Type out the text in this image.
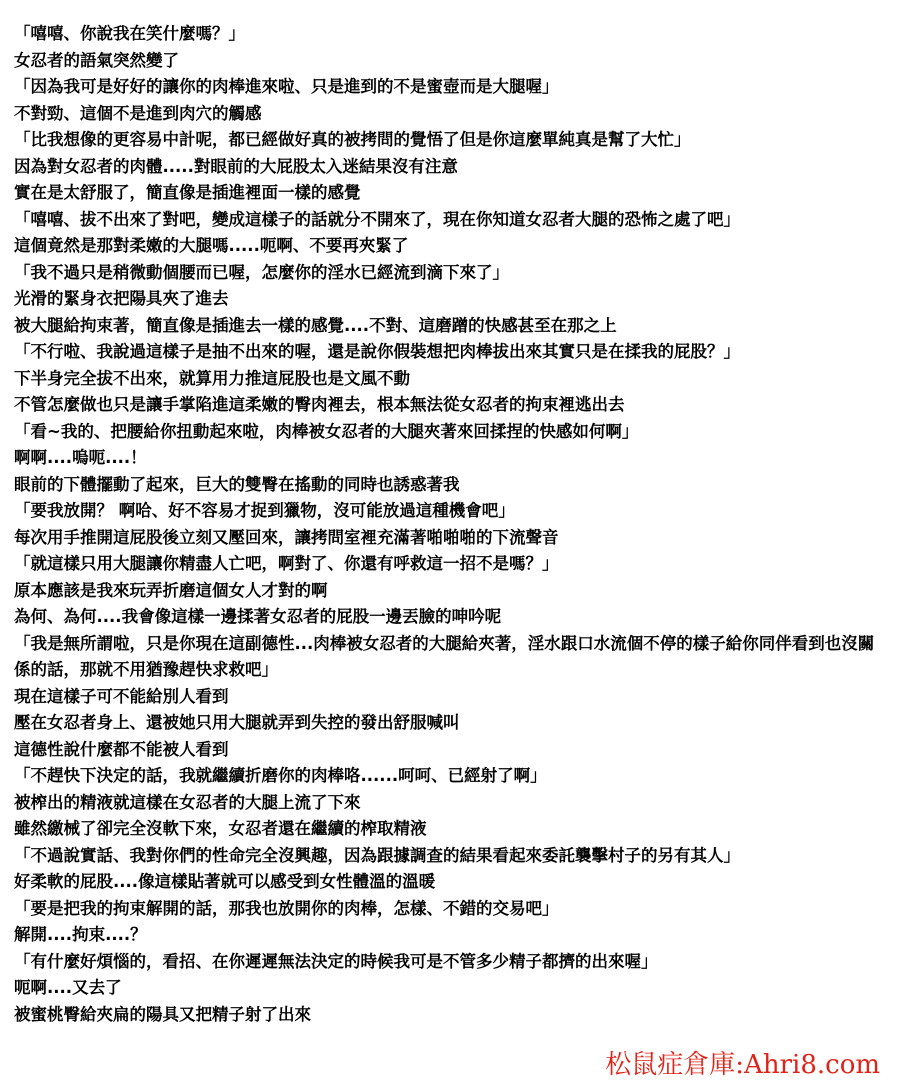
「嘻嘻、你說我在笑什麼嗎？」

女忍者的語氣突然變了

「因為我可是好好的讓你的肉棒進來啦、只是進到的不是蜜壺而是大腿喔」

不對勁、這個不是進到肉穴的觸感

「比我想像的更容易中計呢，都已經做好真的被拷問的覺悟了但是你這麼單純真是幫了大忙」

因為對女忍者的肉體.....對眼前的大屁股太入迷結果沒有注意

實在是太舒服了，簡直像是插進裡面一樣的感覺

「嘻嘻、拔不出來了對吧，變成這樣子的話就分不開來了，現在你知道女忍者大腿的恐怖之處了吧」

這個竟然是那對柔嫩的大腿嗎.....呃啊、不要再夾緊了

「我不過只是稍微動個腰而已喔，怎麼你的淫水已經流到滴下來了」

光滑的緊身衣把陽具夾了進去

被大腿給拘束著，簡直像是插進去一樣的感覺....不對、這磨蹭的快感甚至在那之上

「不行啦、我說過這樣子是抽不出來的喔，還是說你假裝想把肉棒拔出來其實只是在揉我的屁股？」

下半身完全拔不出來，就算用力推這屁股也是文風不動

不管怎麼做也只是讓手掌陷進這柔嫩的臀肉裡去，根本無法從女忍者的拘束裡逃出去

「看~我的、把腰給你扭動起來啦，肉棒被女忍者的大腿夾著來回揉捏的快感如何啊」

啊啊....嗚呃....！

眼前的下體擺動了起來，巨大的雙臀在搖動的同時也誘惑著我

「要我放開？ 啊哈、好不容易才捉到獵物，沒可能放過這種機會吧」

每次用手推開這屁股後立刻又壓回來，讓拷問室裡充滿著啪啪啪的下流聲音

「就這樣只用大腿讓你精盡人亡吧，啊對了、你還有呼救這一招不是嗎？」

原本應該是我來玩弄折磨這個女人才對的啊

為何、為何....我會像這樣一邊揉著女忍者的屁股一邊丟臉的呻吟呢

「我是無所謂啦，只是你現在這副德性...肉棒被女忍者的大腿給夾著，淫水跟口水流個不停的樣子給你同伴看到也沒關係的話，那就不用猶豫趕快求救吧」

現在這樣子可不能給別人看到

壓在女忍者身上、還被她只用大腿就弄到失控的發出舒服喊叫

這德性說什麼都不能被人看到

「不趕快下決定的話，我就繼續折磨你的肉棒咯......呵呵、已經射了啊」

被榨出的精液就這樣在女忍者的大腿上流了下來

雖然繳械了卻完全沒軟下來，女忍者還在繼續的榨取精液

「不過說實話、我對你們的性命完全沒興趣，因為跟據調查的結果看起來委託襲擊村子的另有其人」

好柔軟的屁股....像這樣貼著就可以感受到女性體溫的溫暖

「要是把我的拘束解開的話，那我也放開你的肉棒，怎樣、不錯的交易吧」

解開....拘束....？

「有什麼好煩惱的，看招、在你遲遲無法決定的時候我可是不管多少精子都擠的出來喔」

呃啊....又去了

被蜜桃臀給夾扁的陽具又把精子射了出來

松鼠症倉庫:Ahri8.com
